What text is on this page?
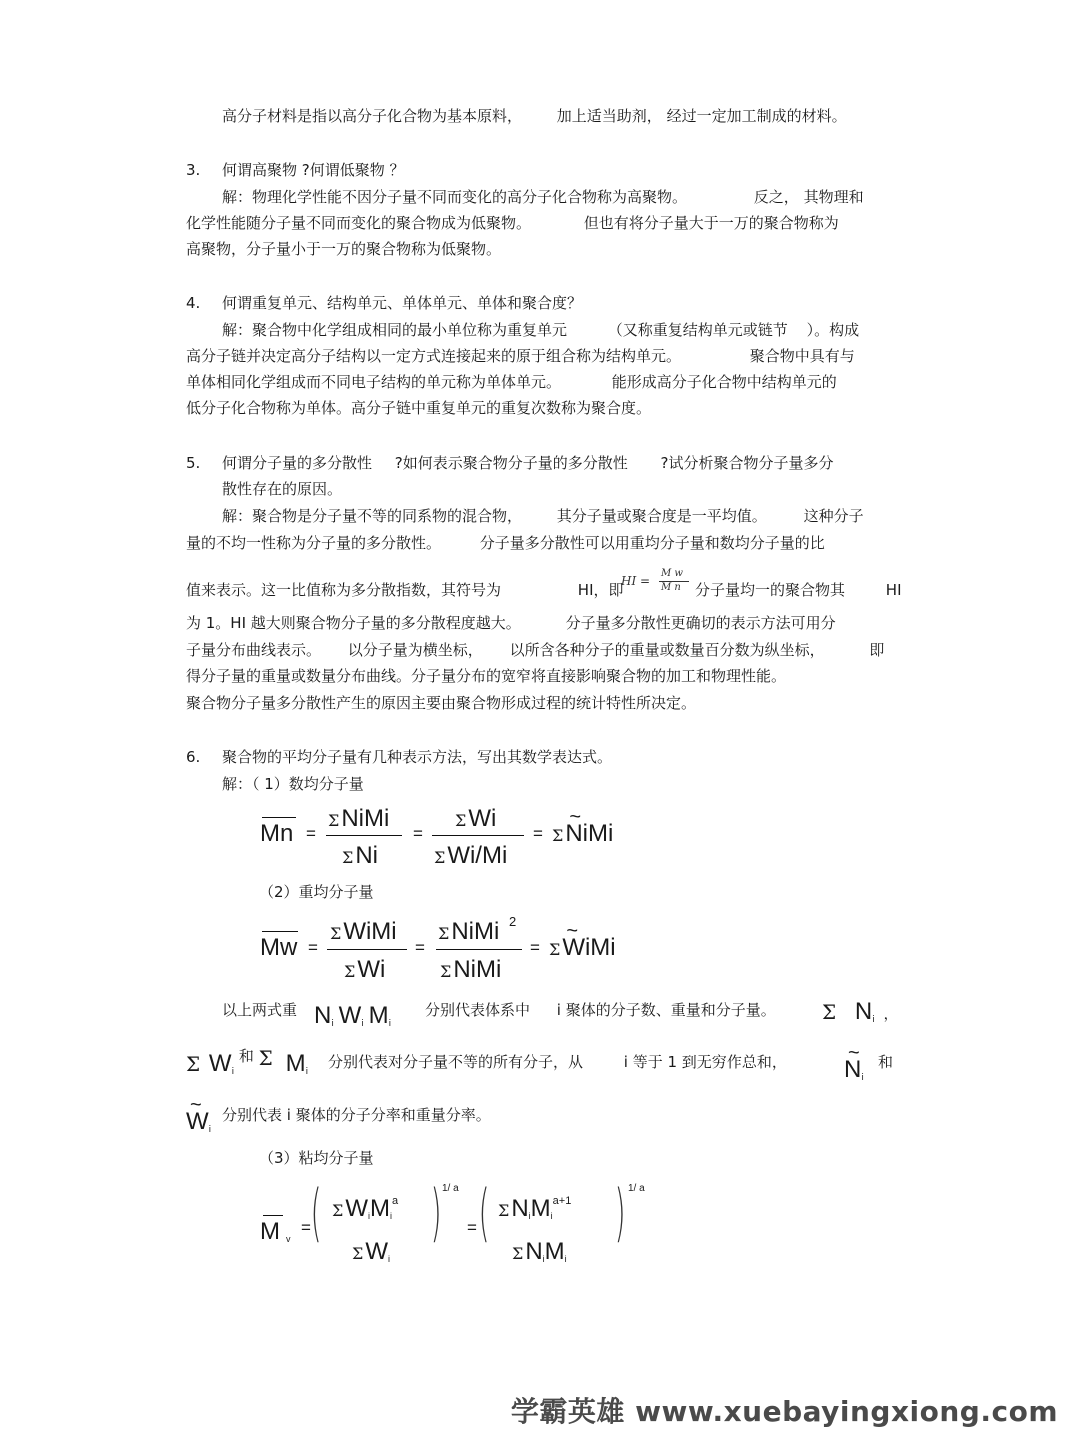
高分子材料是指以高分子化合物为基本原料， 加上适当助剂， 经过一定加工制成的材料。
3. 何谓高聚物 ?何谓低聚物 ？
解：物理化学性能不因分子量不同而变化的高分子化合物称为高聚物。	反之， 其物理和
化学性能随分子量不同而变化的聚合物成为低聚物。	但也有将分子量大于一万的聚合物称为
高聚物，分子量小于一万的聚合物称为低聚物。
4. 何谓重复单元、结构单元、单体单元、单体和聚合度？
解：聚合物中化学组成相同的最小单位称为重复单元	（又称重复结构单元或链节 ）。构成
高分子链并决定高分子结构以一定方式连接起来的原于组合称为结构单元。	聚合物中具有与
单体相同化学组成而不同电子结构的单元称为单体单元。	能形成高分子化合物中结构单元的
低分子化合物称为单体。高分子链中重复单元的重复次数称为聚合度。
5. 何谓分子量的多分散性 ?如何表示聚合物分子量的多分散性 ?试分析聚合物分子量多分
散性存在的原因。
解：聚合物是分子量不等的同系物的混合物， 其分子量或聚合度是一平均值。 这种分子
量的不均一性称为分子量的多分散性。	分子量多分散性可以用重均分子量和数均分子量的比
值来表示。这一比值称为多分散指数，其符号为	HI，即
HI =
M w
M n 分子量均一的聚合物其	HI
为 1。HI 越大则聚合物分子量的多分散程度越大。	分子量多分散性更确切的表示方法可用分
子量分布曲线表示。 以分子量为横坐标， 以所含各种分子的重量或数量百分数为纵坐标，	即
得分子量的重量或数量分布曲线。分子量分布的宽窄将直接影响聚合物的加工和物理性能。
聚合物分子量多分散性产生的原因主要由聚合物形成过程的统计特性所决定。
6. 聚合物的平均分子量有几种表示方法，写出其数学表达式。
解：（ 1）数均分子量
Mn =
ΣNiMi
ΣNi
=
ΣWi
ΣWi/Mi
= Σ~ NiMi
（2）重均分子量
Mw =
ΣWiMi
ΣWi
=
ΣNiMi 2
ΣNiMi
= Σ~ WiMi
以上两式重 $N_i$ $W_i$ $M_i$
分别代表体系中 i 聚体的分子数、重量和分子量。 Σ $N_i$ ，
Σ $W_i$ 和 Σ $M_i$
分别代表对分子量不等的所有分子，从	i 等于 1 到无穷作总和，
~ $N_i$
和
~ $W_i$
分别代表 i 聚体的分子分率和重量分率。
（3）粘均分子量
M $_v$
= ( $\Sigma W_iM_i^a$
$\Sigma W_i$
) 1/ a
= ( $\Sigma N_iM_i^{a+1}$
$\Sigma N_iM_i$
) 1/ a
学霸英雄 www.xuebayingxiong.com
